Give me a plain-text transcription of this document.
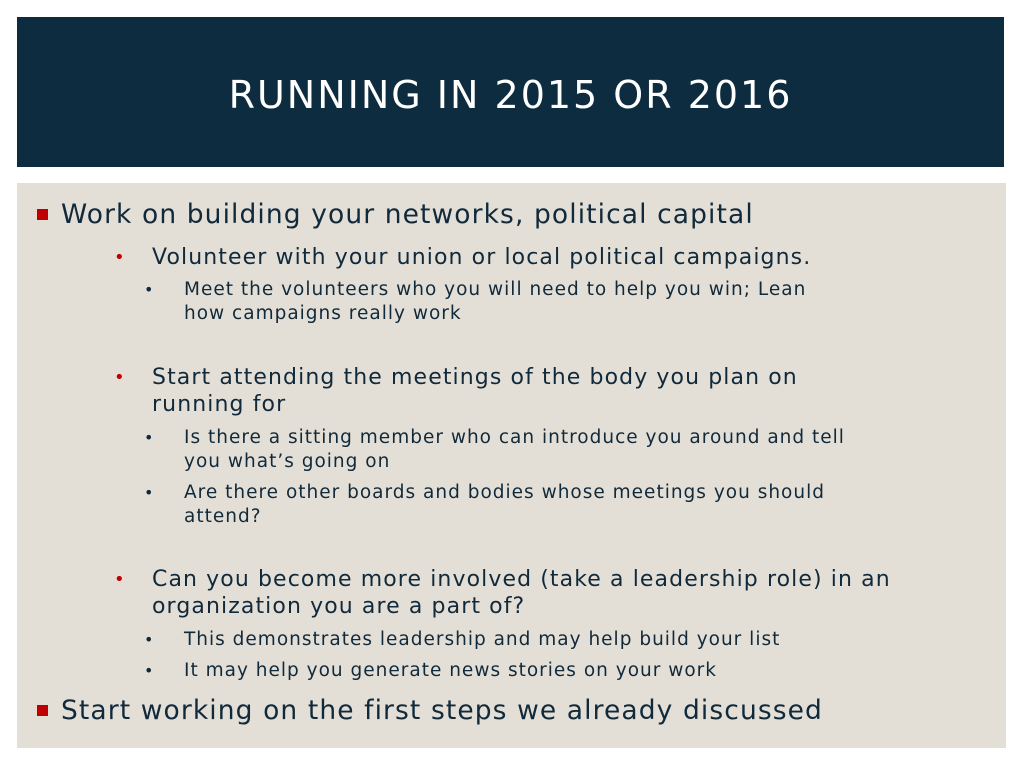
RUNNING IN 2015 OR 2016
Work on building your networks, political capital
• Volunteer with your union or local political campaigns.
• Meet the volunteers who you will need to help you win; Lean
how campaigns really work
• Start attending the meetings of the body you plan on
running for
• Is there a sitting member who can introduce you around and tell
you what’s going on
• Are there other boards and bodies whose meetings you should
attend?
• Can you become more involved (take a leadership role) in an
organization you are a part of?
• This demonstrates leadership and may help build your list
• It may help you generate news stories on your work
Start working on the first steps we already discussed
